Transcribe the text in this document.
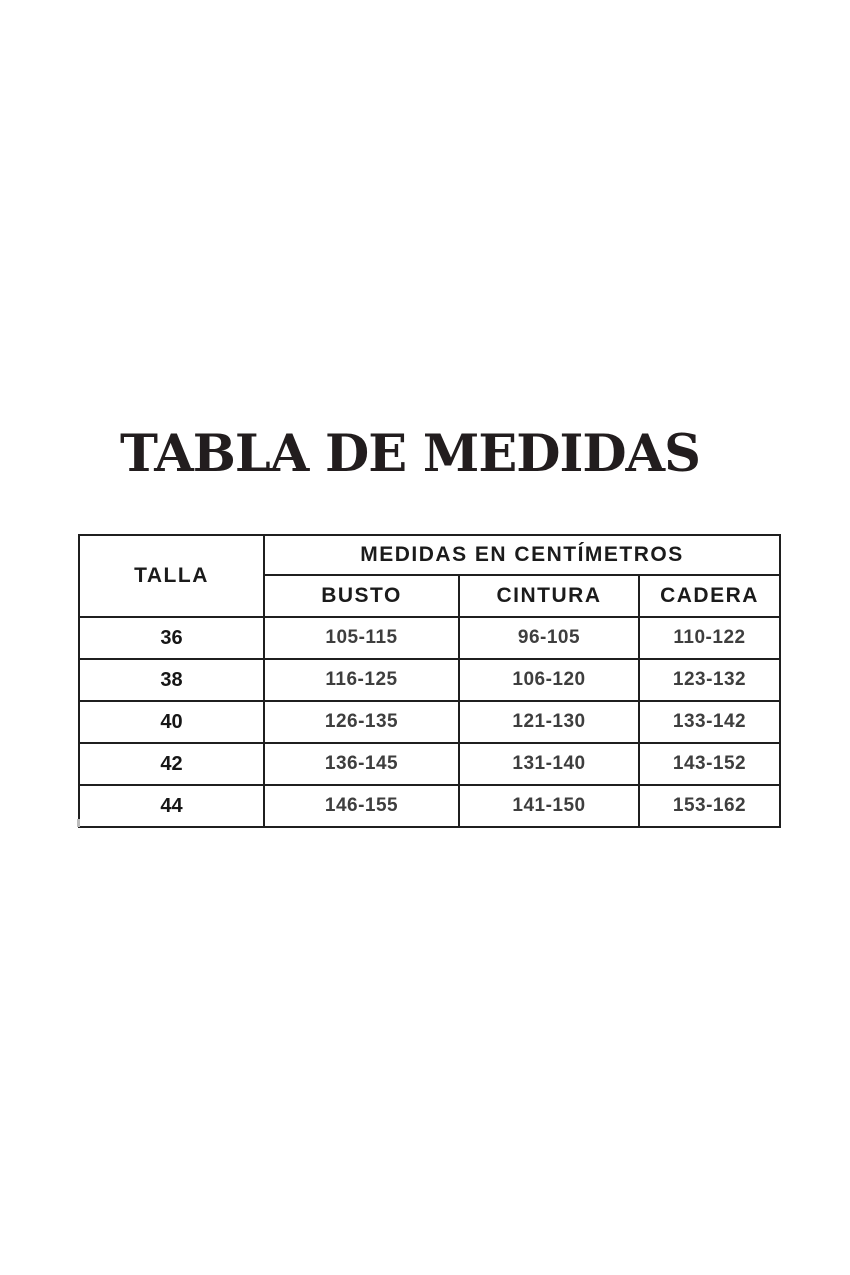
TABLA DE MEDIDAS
TALLA	MEDIDAS EN CENTÍMETROS		
	BUSTO	CINTURA	CADERA
36	105-115	96-105	110-122
38	116-125	106-120	123-132
40	126-135	121-130	133-142
42	136-145	131-140	143-152
44	146-155	141-150	153-162
